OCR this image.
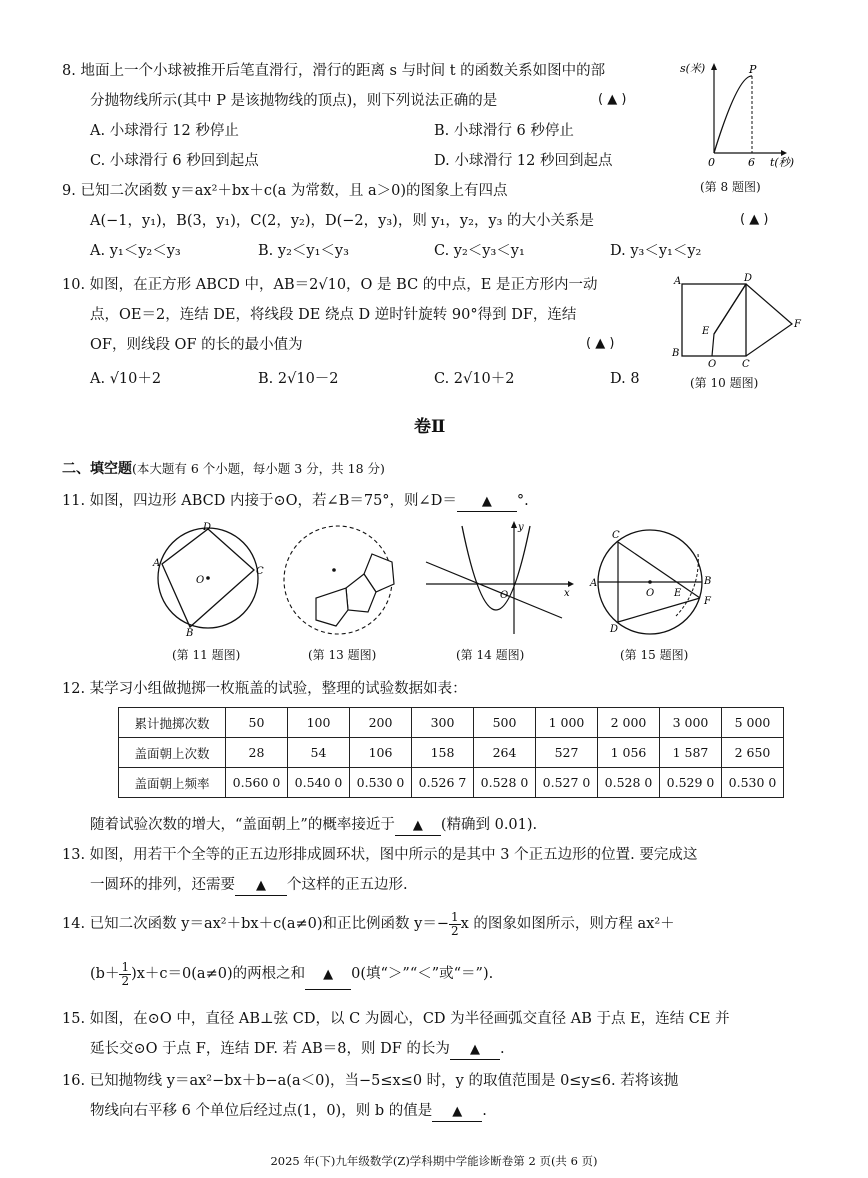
8. 地面上一个小球被推开后笔直滑行，滑行的距离 s 与时间 t 的函数关系如图中的部
分抛物线所示(其中 P 是该抛物线的顶点)，则下列说法正确的是	( ▲ )
A. 小球滑行 12 秒停止	B. 小球滑行 6 秒停止
C. 小球滑行 6 秒回到起点	D. 小球滑行 12 秒回到起点
s(米)	P
0	6 t(秒)
(第 8 题图)
9. 已知二次函数 y＝ax²＋bx＋c(a 为常数，且 a＞0)的图象上有四点
A(−1，y₁)，B(3，y₁)，C(2，y₂)，D(−2，y₃)，则 y₁，y₂，y₃ 的大小关系是	( ▲ )
A. y₁＜y₂＜y₃	B. y₂＜y₁＜y₃	C. y₂＜y₃＜y₁	D. y₃＜y₁＜y₂
10. 如图，在正方形 ABCD 中，AB＝2√10，O 是 BC 的中点，E 是正方形内一动
点，OE＝2，连结 DE，将线段 DE 绕点 D 逆时针旋转 90°得到 DF，连结
OF，则线段 OF 的长的最小值为	( ▲ )
A. √10＋2	B. 2√10－2	C. 2√10＋2	D. 8
A	D
F
E
B
O	C
(第 10 题图)
卷Ⅱ
二、填空题(本大题有 6 个小题，每小题 3 分，共 18 分)
11. 如图，四边形 ABCD 内接于⊙O，若∠B＝75°，则∠D＝ ▲ °.
D
A
C
O
B
(第 11 题图)	(第 13 题图)
y
x
O
(第 14 题图)
C
A
O E
B
F
D
(第 15 题图)
12. 某学习小组做抛掷一枚瓶盖的试验，整理的试验数据如表：
累计抛掷次数	50	100	200	300	500	1 000	2 000	3 000	5 000
盖面朝上次数	28	54	106	158	264	527	1 056	1 587	2 650
盖面朝上频率	0.560 0	0.540 0	0.530 0	0.526 7	0.528 0	0.527 0	0.528 0	0.529 0	0.530 0
随着试验次数的增大，“盖面朝上”的概率接近于 ▲ (精确到 0.01).
13. 如图，用若干个全等的正五边形排成圆环状，图中所示的是其中 3 个正五边形的位置. 要完成这
一圆环的排列，还需要 ▲ 个这样的正五边形.
14. 已知二次函数 y＝ax²＋bx＋c(a≠0)和正比例函数 $y=- \frac{1}{2}$ x 的图象如图所示，则方程 ax²＋
$(b+ \frac{1}{2} )x+c=0(a\ne 0)$的两根之和 ▲ 0(填“＞”“＜”或“＝”).
15. 如图，在⊙O 中，直径 AB⊥弦 CD，以 C 为圆心，CD 为半径画弧交直径 AB 于点 E，连结 CE 并
延长交⊙O 于点 F，连结 DF. 若 AB＝8，则 DF 的长为 ▲ .
16. 已知抛物线 y＝ax²−bx＋b−a(a＜0)，当−5≤x≤0 时，y 的取值范围是 0≤y≤6. 若将该抛
物线向右平移 6 个单位后经过点(1，0)，则 b 的值是 ▲ .
2025 年(下)九年级数学(Z)学科期中学能诊断卷第 2 页(共 6 页)
